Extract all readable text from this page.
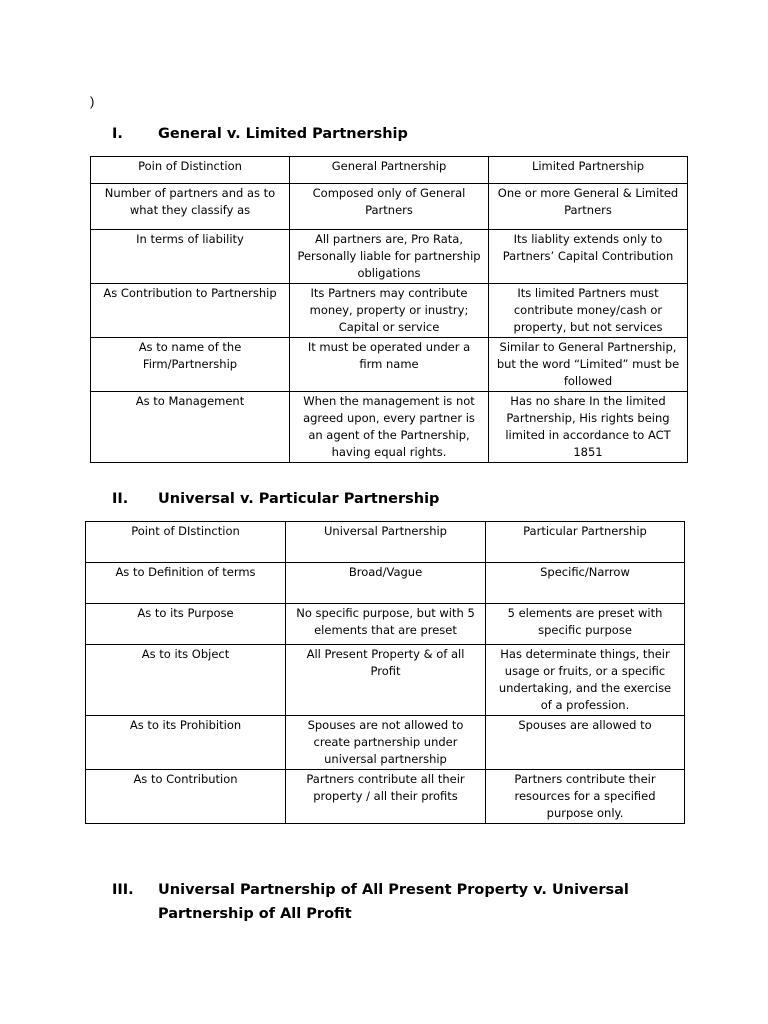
)
I. General v. Limited Partnership
Poin of Distinction	General Partnership	Limited Partnership
Number of partners and as to what they classify as	Composed only of General Partners	One or more General & Limited Partners
In terms of liability	All partners are, Pro Rata, Personally liable for partnership obligations	Its liablity extends only to Partners’ Capital Contribution
As Contribution to Partnership	Its Partners may contribute money, property or inustry; Capital or service	Its limited Partners must contribute money/cash or property, but not services
As to name of the Firm/Partnership	It must be operated under a firm name	Similar to General Partnership, but the word “Limited” must be followed
As to Management	When the management is not agreed upon, every partner is an agent of the Partnership, having equal rights.	Has no share In the limited Partnership, His rights being limited in accordance to ACT 1851
II. Universal v. Particular Partnership
Point of DIstinction	Universal Partnership	Particular Partnership
As to Definition of terms	Broad/Vague	Specific/Narrow
As to its Purpose	No specific purpose, but with 5 elements that are preset	5 elements are preset with specific purpose
As to its Object	All Present Property & of all Profit	Has determinate things, their usage or fruits, or a specific undertaking, and the exercise of a profession.
As to its Prohibition	Spouses are not allowed to create partnership under universal partnership	Spouses are allowed to
As to Contribution	Partners contribute all their property / all their profits	Partners contribute their resources for a specified purpose only.
III. Universal Partnership of All Present Property v. Universal Partnership of All Profit
